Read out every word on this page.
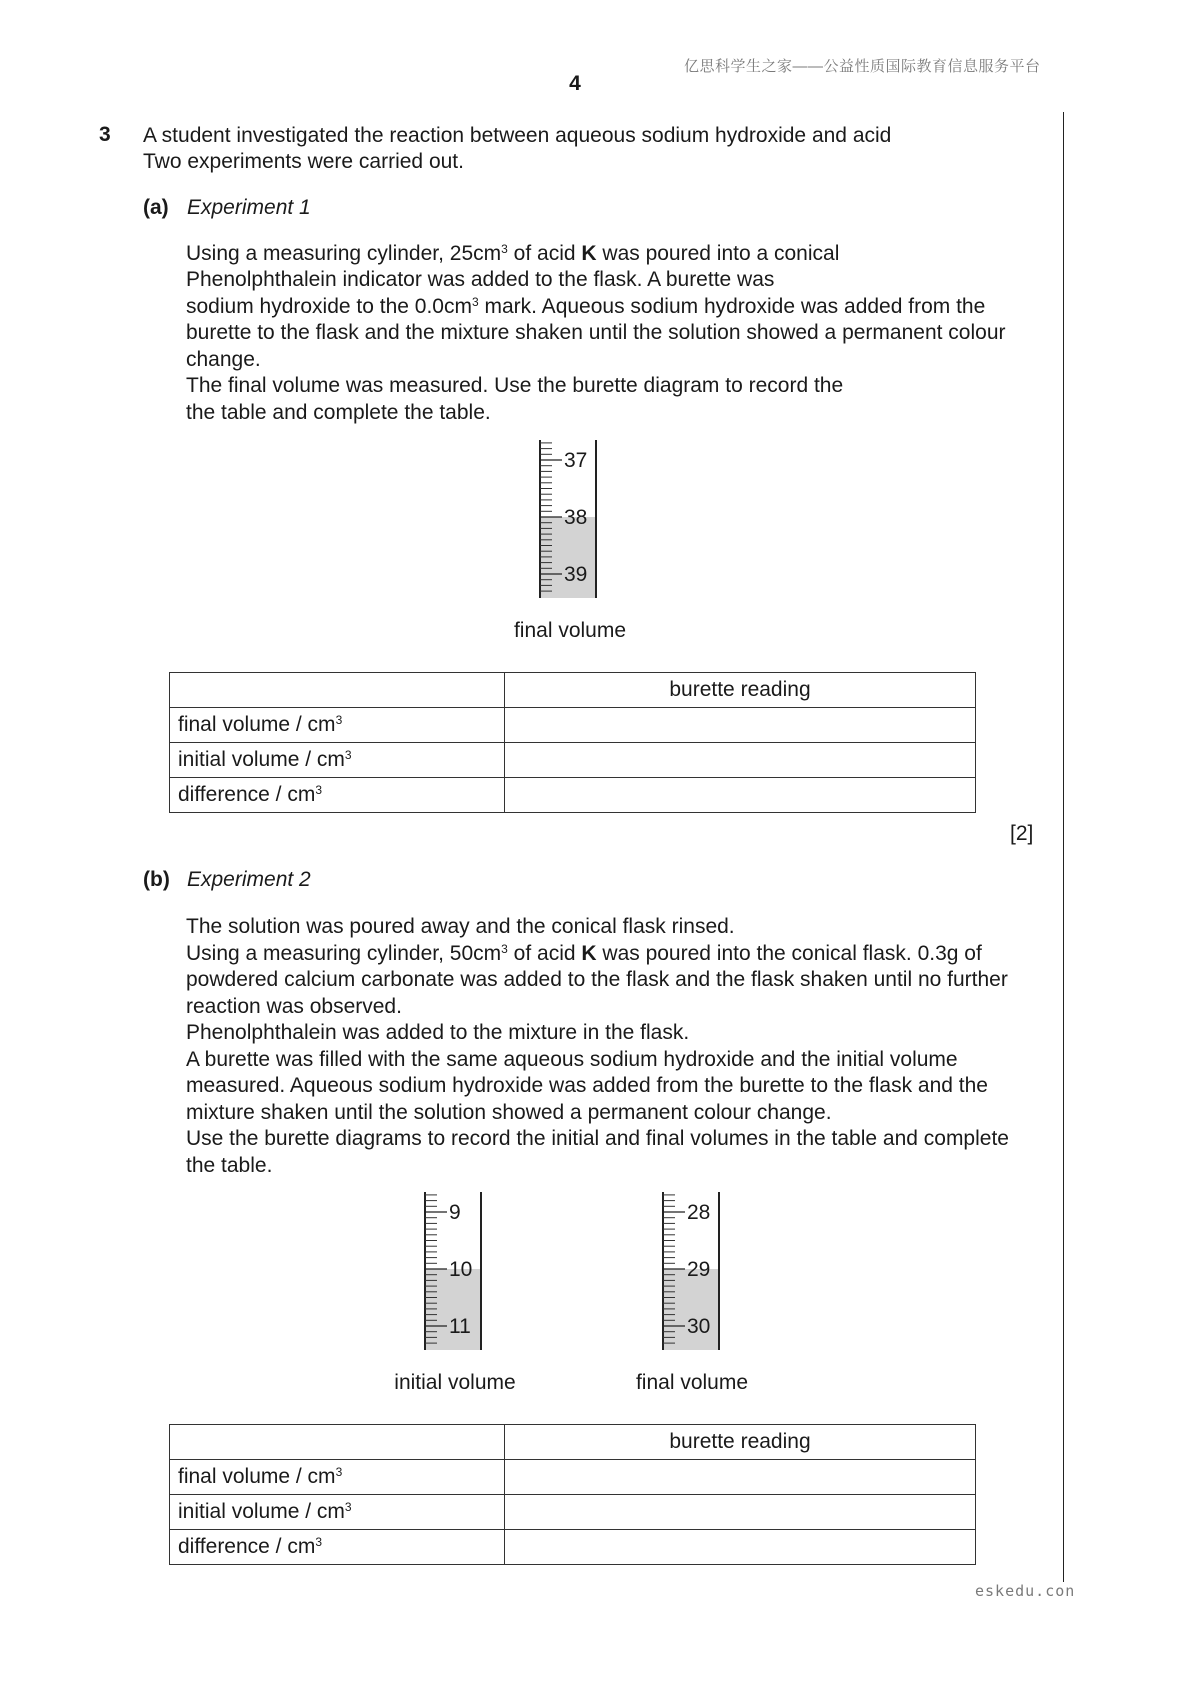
亿思科学生之家——公益性质国际教育信息服务平台
4
eskedu.con
3 A student investigated the reaction between aqueous sodium hydroxide and acid
Two experiments were carried out.
(a) Experiment 1
Using a measuring cylinder, $25cm^3$ of acid K was poured into a conical
Phenolphthalein indicator was added to the flask. A burette was
sodium hydroxide to the $0.0cm^3$ mark. Aqueous sodium hydroxide was added from the
burette to the flask and the mixture shaken until the solution showed a permanent colour
change.
The final volume was measured. Use the burette diagram to record the
the table and complete the table.
37
38
39
final volume
	burette reading
final volume / $cm^3$	
initial volume / $cm^3$	
difference / $cm^3$	
[2]
(b) Experiment 2
The solution was poured away and the conical flask rinsed.
Using a measuring cylinder, $50cm^3$ of acid K was poured into the conical flask. 0.3g of
powdered calcium carbonate was added to the flask and the flask shaken until no further
reaction was observed.
Phenolphthalein was added to the mixture in the flask.
A burette was filled with the same aqueous sodium hydroxide and the initial volume
measured. Aqueous sodium hydroxide was added from the burette to the flask and the
mixture shaken until the solution showed a permanent colour change.
Use the burette diagrams to record the initial and final volumes in the table and complete
the table.
9
10
11
initial volume
28
29
30
final volume
	burette reading
final volume / $cm^3$	
initial volume / $cm^3$	
difference / $cm^3$	
